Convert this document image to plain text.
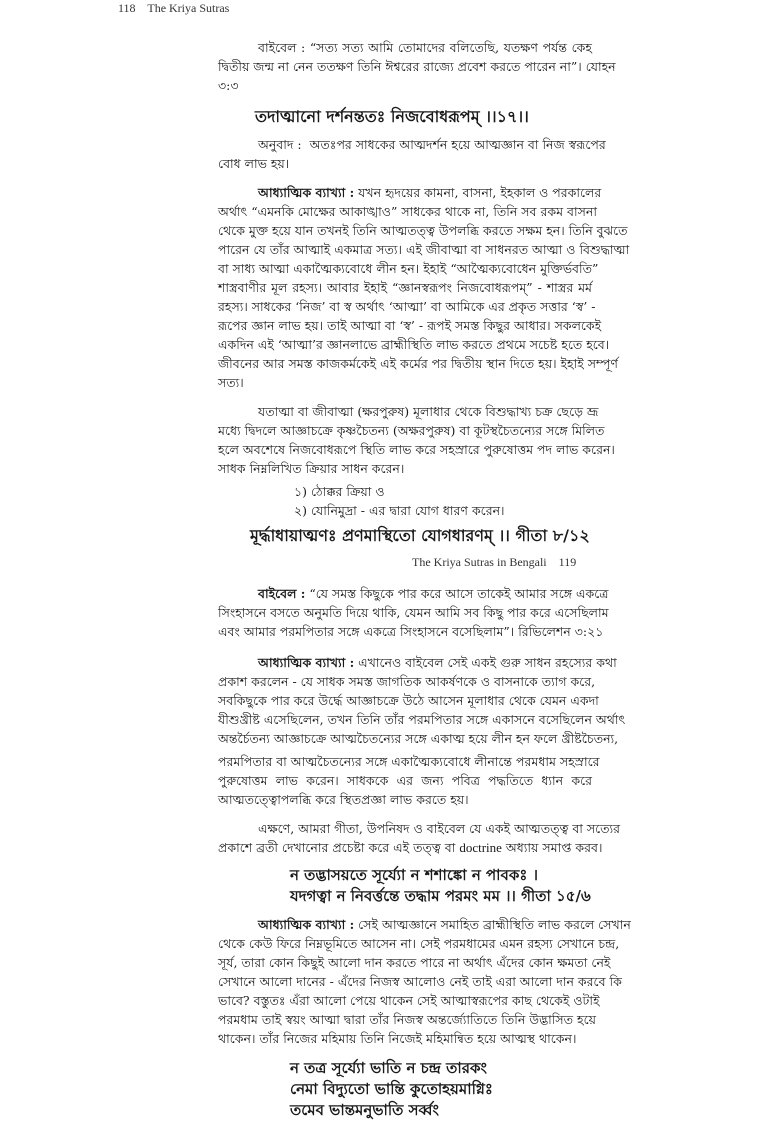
118 The Kriya Sutras
বাইবেল : “সত্য সত্য আমি তোমাদের বলিতেছি, যতক্ষণ পর্যন্ত কেহ
দ্বিতীয় জন্ম না নেন ততক্ষণ তিনি ঈশ্বরের রাজ্যে প্রবেশ করতে পারেন না”। যোহন
৩:৩
তদাত্মানো দর্শনন্ততঃ নিজবোধরূপম্ ।।১৭।।
অনুবাদ : অতঃপর সাধকের আত্মদর্শন হয়ে আত্মজ্ঞান বা নিজ স্বরূপের
বোধ লাভ হয়।
আধ্যাত্মিক ব্যাখ্যা : যখন হৃদয়ের কামনা, বাসনা, ইহকাল ও পরকালের
অর্থাৎ “এমনকি মোক্ষের আকাঙ্খাও” সাধকের থাকে না, তিনি সব রকম বাসনা
থেকে মুক্ত হয়ে যান তখনই তিনি আত্মতত্ত্ব উপলব্ধি করতে সক্ষম হন। তিনি বুঝতে
পারেন যে তাঁর আত্মাই একমাত্র সত্য। এই জীবাত্মা বা সাধনরত আত্মা ও বিশুদ্ধাত্মা
বা সাধ্য আত্মা একাত্মৈক্যবোধে লীন হন। ইহাই “আত্মৈক্যবোধেন মুক্তির্ভবতি”
শাস্ত্রবাণীর মূল রহস্য। আবার ইহাই “জ্ঞানস্বরূপং নিজবোধরূপম্” - শাস্ত্রর মর্ম
রহস্য। সাধকের ‘নিজ’ বা স্ব অর্থাৎ ‘আত্মা’ বা আমিকে এর প্রকৃত সত্তার ‘স্ব’ -
রূপের জ্ঞান লাভ হয়। তাই আত্মা বা ‘স্ব’ - রূপই সমস্ত কিছুর আধার। সকলকেই
একদিন এই ‘আত্মা’র জ্ঞানলাভে ব্রাহ্মীস্থিতি লাভ করতে প্রথমে সচেষ্ট হতে হবে।
জীবনের আর সমস্ত কাজকর্মকেই এই কর্মের পর দ্বিতীয় স্থান দিতে হয়। ইহাই সম্পূর্ণ
সত্য।
যতাত্মা বা জীবাত্মা (ক্ষরপুরুষ) মূলাধার থেকে বিশুদ্ধাখ্য চক্র ছেড়ে ভ্রূ
মধ্যে দ্বিদলে আজ্ঞাচক্রে কৃষ্ণচৈতন্য (অক্ষরপুরুষ) বা কূটস্থচৈতন্যের সঙ্গে মিলিত
হলে অবশেষে নিজবোধরূপে স্থিতি লাভ করে সহস্রারে পুরুষোত্তম পদ লাভ করেন।
সাধক নিম্নলিখিত ক্রিয়ার সাধন করেন।
১) ঠোক্কর ক্রিয়া ও
২) যোনিমুদ্রা - এর দ্বারা যোগ ধারণ করেন।
মূর্দ্ধাধায়াত্মণঃ প্রণমাস্থিতো যোগধারণম্ ।। গীতা ৮/১২
The Kriya Sutras in Bengali 119
বাইবেল : “যে সমস্ত কিছুকে পার করে আসে তাকেই আমার সঙ্গে একত্রে
সিংহাসনে বসতে অনুমতি দিয়ে থাকি, যেমন আমি সব কিছু পার করে এসেছিলাম
এবং আমার পরমপিতার সঙ্গে একত্রে সিংহাসনে বসেছিলাম”। রিভিলেশন ৩:২১
আধ্যাত্মিক ব্যাখ্যা : এখানেও বাইবেল সেই একই গুরু সাধন রহস্যের কথা
প্রকাশ করলেন - যে সাধক সমস্ত জাগতিক আকর্ষণকে ও বাসনাকে ত্যাগ করে,
সবকিছুকে পার করে উর্দ্ধে আজ্ঞাচক্রে উঠে আসেন মূলাধার থেকে যেমন একদা
যীশুখ্রীষ্ট এসেছিলেন, তখন তিনি তাঁর পরমপিতার সঙ্গে একাসনে বসেছিলেন অর্থাৎ
অন্তর্চৈতন্য আজ্ঞাচক্রে আত্মচৈতন্যের সঙ্গে একাত্ম হয়ে লীন হন ফলে খ্রীষ্টচৈতন্য,
পরমপিতার বা আত্মচৈতন্যের সঙ্গে একাত্মৈক্যবোধে লীনান্তে পরমধাম সহস্রারে
পুরুষোত্তম লাভ করেন। সাধককে এর জন্য পবিত্র পদ্ধতিতে ধ্যান করে
আত্মতত্ত্বোপলব্ধি করে স্থিতপ্রজ্ঞা লাভ করতে হয়।
এক্ষণে, আমরা গীতা, উপনিষদ ও বাইবেল যে একই আত্মতত্ত্ব বা সত্যের
প্রকাশে ব্রতী দেখানোর প্রচেষ্টা করে এই তত্ত্ব বা doctrine অধ্যায় সমাপ্ত করব।
ন তদ্ভাসয়তে সূর্য্যো ন শশাঙ্কো ন পাবকঃ ।
যদগত্বা ন নিবর্ত্তন্তে তদ্ধাম পরমং মম ।। গীতা ১৫/৬
আধ্যাত্মিক ব্যাখ্যা : সেই আত্মজ্ঞানে সমাহিত ব্রাহ্মীস্থিতি লাভ করলে সেখান
থেকে কেউ ফিরে নিম্নভূমিতে আসেন না। সেই পরমধামের এমন রহস্য সেখানে চন্দ্র,
সূর্য, তারা কোন কিছুই আলো দান করতে পারে না অর্থাৎ এঁদের কোন ক্ষমতা নেই
সেখানে আলো দানের - এঁদের নিজস্ব আলোও নেই তাই এরা আলো দান করবে কি
ভাবে? বস্তুতঃ এঁরা আলো পেয়ে থাকেন সেই আত্মাস্বরূপের কাছ থেকেই ওটাই
পরমধাম তাই স্বয়ং আত্মা দ্বারা তাঁর নিজস্ব অন্তর্জ্যোতিতে তিনি উদ্ভাসিত হয়ে
থাকেন। তাঁর নিজের মহিমায় তিনি নিজেই মহিমান্বিত হয়ে আত্মস্থ থাকেন।
ন তত্র সূর্য্যো ভাতি ন চন্দ্র তারকং
নেমা বিদ্যুতো ভান্তি কুতোহয়মাগ্নিঃ
তমেব ভান্তমনুভাতি সর্ব্বং
